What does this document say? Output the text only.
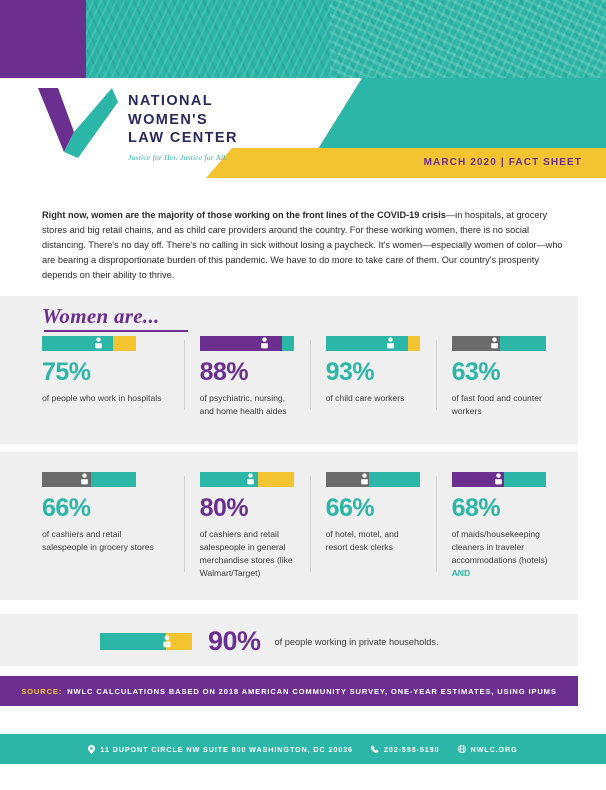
NATIONAL
WOMEN'S
LAW CENTER
Justice for Her. Justice for All.	MARCH 2020 | FACT SHEET

Right now, women are the majority of those working on the front lines of the COVID-19 crisis—in hospitals, at grocery stores and big retail chains, and as child care providers around the country. For these working women, there is no social distancing. There's no day off. There's no calling in sick without losing a paycheck. It's women—especially women of color—who are bearing a disproportionate burden of this pandemic. We have to do more to take care of them. Our country's prosperity depends on their ability to thrive.

Women are...
75%
of people who work in hospitals
88%
of psychiatric, nursing, and home health aides
93%
of child care workers
63%
of fast food and counter workers
66%
of cashiers and retail salespeople in grocery stores
80%
of cashiers and retail salespeople in general merchandise stores (like Walmart/Target)
66%
of hotel, motel, and resort desk clerks
68%
of maids/housekeeping cleaners in traveler accommodations (hotels) AND
90% of people working in private households.
SOURCE: NWLC CALCULATIONS BASED ON 2018 AMERICAN COMMUNITY SURVEY, ONE-YEAR ESTIMATES, USING IPUMS
11 DUPONT CIRCLE NW SUITE 800 WASHINGTON, DC 20036	202-588-5180	NWLC.ORG
